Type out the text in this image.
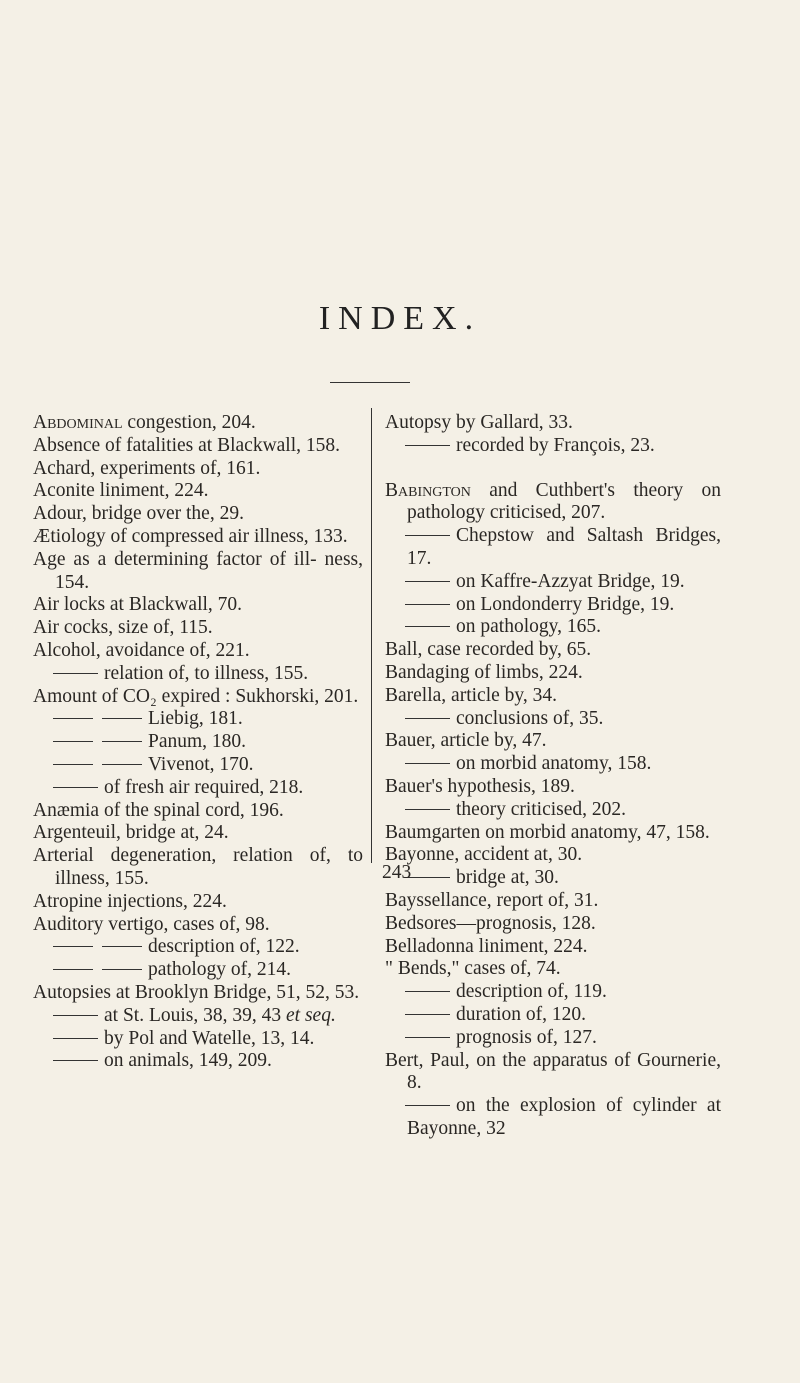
INDEX.
Abdominal congestion, 204.
Absence of fatalities at Blackwall, 158.
Achard, experiments of, 161.
Aconite liniment, 224.
Adour, bridge over the, 29.
Ætiology of compressed air illness, 133.
Age as a determining factor of ill- ness, 154.
Air locks at Blackwall, 70.
Air cocks, size of, 115.
Alcohol, avoidance of, 221.
relation of, to illness, 155.
Amount of CO₂ expired : Sukhorski, 201.
Liebig, 181.
Panum, 180.
Vivenot, 170.
of fresh air required, 218.
Anæmia of the spinal cord, 196.
Argenteuil, bridge at, 24.
Arterial degeneration, relation of, to illness, 155.
Atropine injections, 224.
Auditory vertigo, cases of, 98.
description of, 122.
pathology of, 214.
Autopsies at Brooklyn Bridge, 51, 52, 53.
at St. Louis, 38, 39, 43 et seq.
by Pol and Watelle, 13, 14.
on animals, 149, 209.
Autopsy by Gallard, 33.
recorded by François, 23.
Babington and Cuthbert's theory on pathology criticised, 207.
Chepstow and Saltash Bridges, 17.
on Kaffre-Azzyat Bridge, 19.
on Londonderry Bridge, 19.
on pathology, 165.
Ball, case recorded by, 65.
Bandaging of limbs, 224.
Barella, article by, 34.
conclusions of, 35.
Bauer, article by, 47.
on morbid anatomy, 158.
Bauer's hypothesis, 189.
theory criticised, 202.
Baumgarten on morbid anatomy, 47, 158.
Bayonne, accident at, 30.
bridge at, 30.
Bayssellance, report of, 31.
Bedsores—prognosis, 128.
Belladonna liniment, 224.
" Bends," cases of, 74.
description of, 119.
duration of, 120.
prognosis of, 127.
Bert, Paul, on the apparatus of Gournerie, 8.
on the explosion of cylinder at Bayonne, 32
243
